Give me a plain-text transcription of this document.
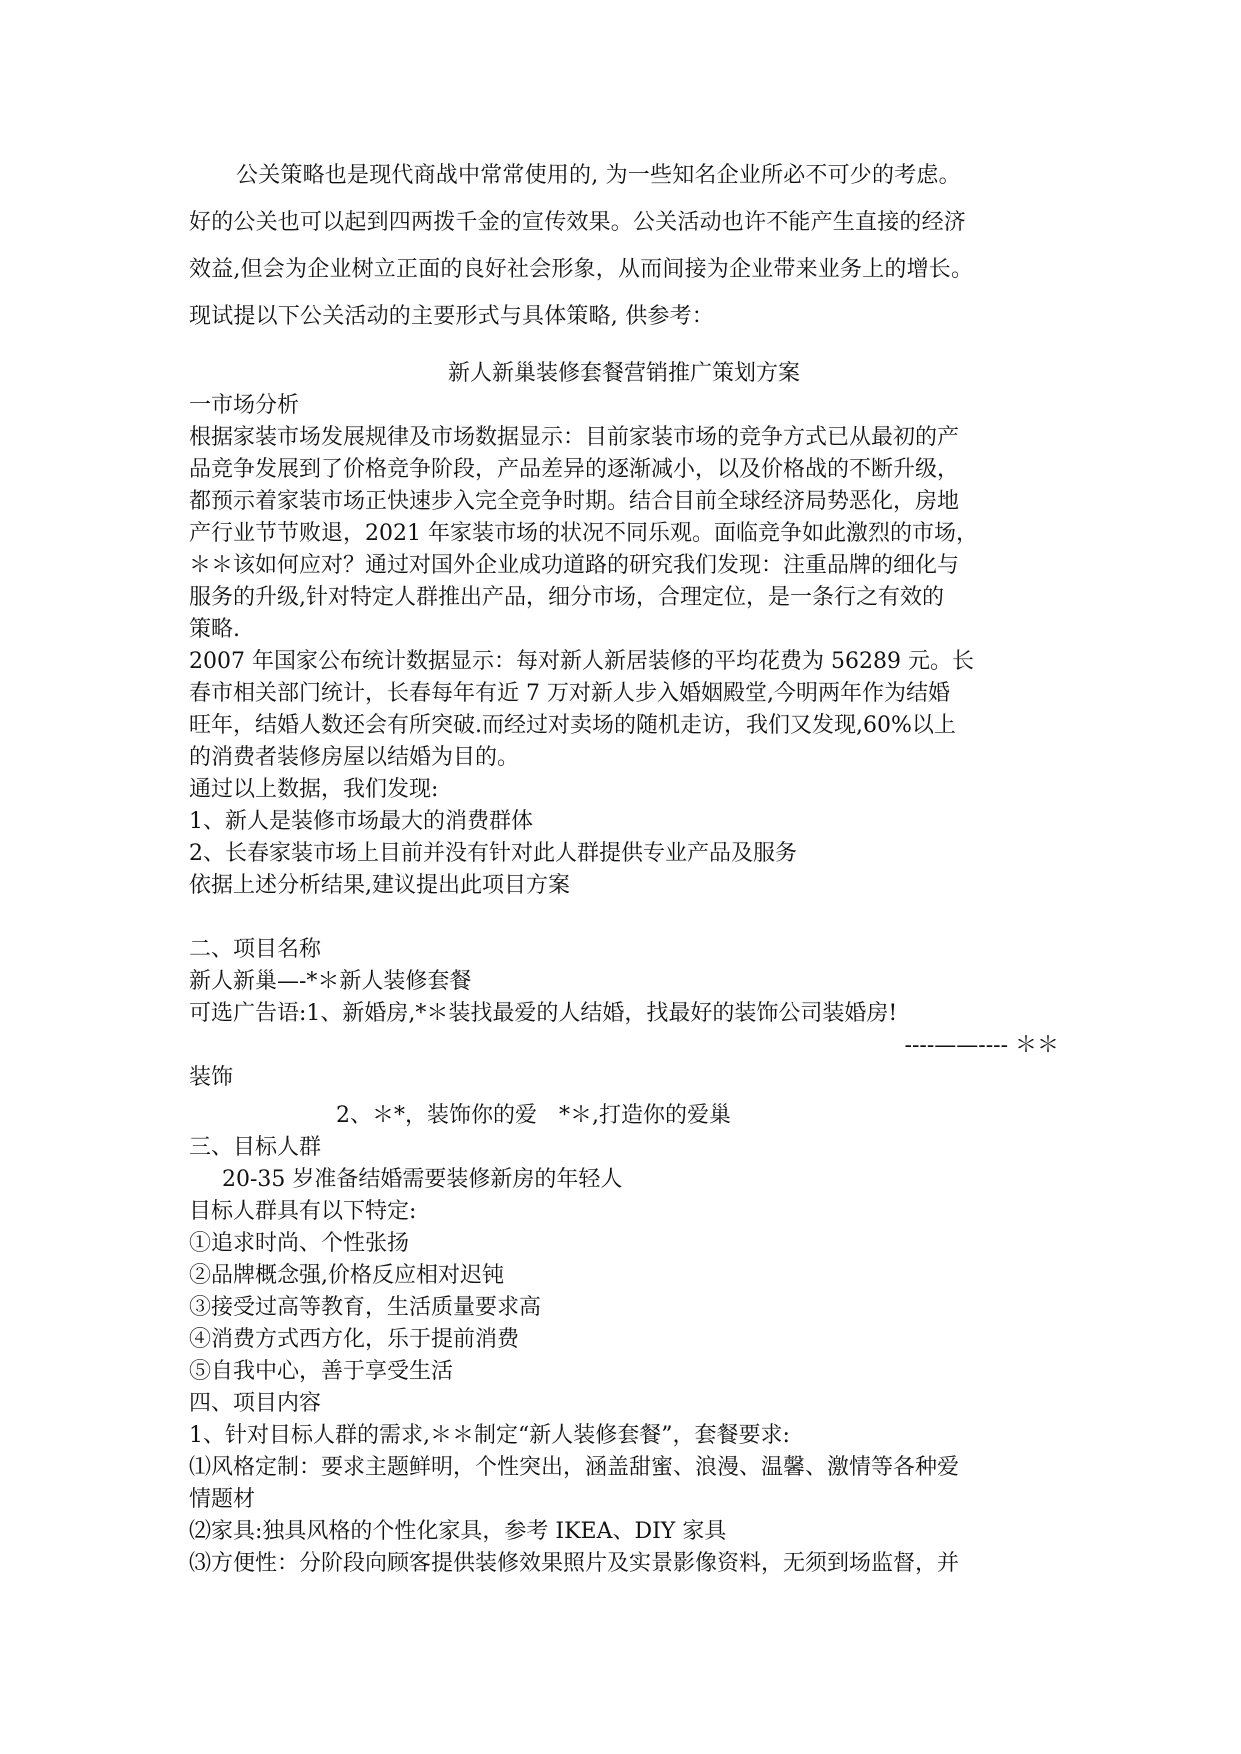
公关策略也是现代商战中常常使用的, 为一些知名企业所必不可少的考虑。

好的公关也可以起到四两拨千金的宣传效果。公关活动也许不能产生直接的经济

效益,但会为企业树立正面的良好社会形象，从而间接为企业带来业务上的增长。

现试提以下公关活动的主要形式与具体策略, 供参考：

新人新巢装修套餐营销推广策划方案

一市场分析

根据家装市场发展规律及市场数据显示：目前家装市场的竞争方式已从最初的产

品竞争发展到了价格竞争阶段，产品差异的逐渐减小，以及价格战的不断升级，

都预示着家装市场正快速步入完全竞争时期。结合目前全球经济局势恶化，房地

产行业节节败退，2021 年家装市场的状况不同乐观。面临竞争如此激烈的市场，

＊＊该如何应对？通过对国外企业成功道路的研究我们发现：注重品牌的细化与

服务的升级,针对特定人群推出产品，细分市场，合理定位，是一条行之有效的

策略.

2007 年国家公布统计数据显示：每对新人新居装修的平均花费为 56289 元。长

春市相关部门统计，长春每年有近 7 万对新人步入婚姻殿堂,今明两年作为结婚

旺年，结婚人数还会有所突破.而经过对卖场的随机走访，我们又发现,60%以上

的消费者装修房屋以结婚为目的。

通过以上数据，我们发现:

1、新人是装修市场最大的消费群体

2、长春家装市场上目前并没有针对此人群提供专业产品及服务

依据上述分析结果,建议提出此项目方案

二、项目名称

新人新巢—-*＊新人装修套餐

可选广告语:1、新婚房,*＊装找最爱的人结婚，找最好的装饰公司装婚房!

----——---- ＊＊

装饰

2、＊*，装饰你的爱　*＊,打造你的爱巢

三、目标人群

20-35 岁准备结婚需要装修新房的年轻人

目标人群具有以下特定:

①追求时尚、个性张扬

②品牌概念强,价格反应相对迟钝

③接受过高等教育，生活质量要求高

④消费方式西方化，乐于提前消费

⑤自我中心，善于享受生活

四、项目内容

1、针对目标人群的需求,＊＊制定“新人装修套餐”，套餐要求:

⑴风格定制：要求主题鲜明，个性突出，涵盖甜蜜、浪漫、温馨、激情等各种爱

情题材

⑵家具:独具风格的个性化家具，参考 IKEA、DIY 家具

⑶方便性：分阶段向顾客提供装修效果照片及实景影像资料，无须到场监督，并
